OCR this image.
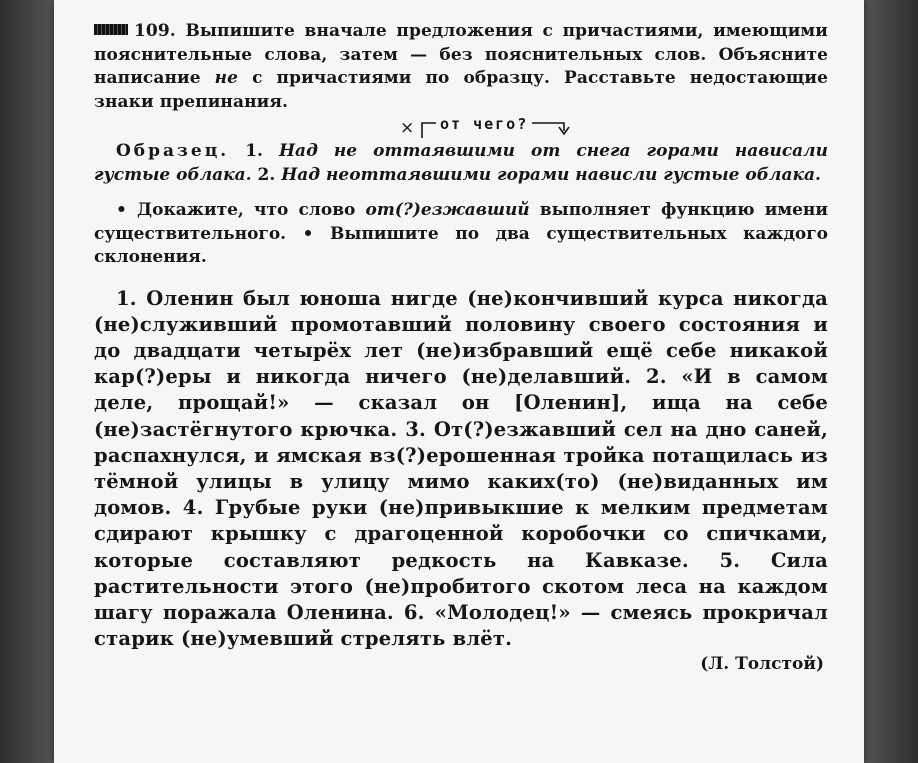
109. Выпишите вначале предложения с причастиями, имеющими пояснительные слова, затем — без пояснительных слов. Объясните написание не с причастиями по образцу. Расставьте недостающие знаки препинания.
× от чего?
Образец. 1. Над не оттаявшими от снега горами нависали густые облака. 2. Над неоттаявшими горами нависли густые облака.
• Докажите, что слово от(?)езжавший выполняет функцию имени существительного. • Выпишите по два существительных каждого склонения.
1. Оленин был юноша нигде (не)кончивший курса никогда (не)служивший промотавший половину своего состояния и до двадцати четырёх лет (не)избравший ещё себе никакой кар(?)еры и никогда ничего (не)делавший. 2. «И в самом деле, прощай!» — сказал он [Оленин], ища на себе (не)застёгнутого крючка. 3. От(?)езжавший сел на дно саней, распахнулся, и ямская вз(?)ерошенная тройка потащилась из тёмной улицы в улицу мимо каких(то) (не)виданных им домов. 4. Грубые руки (не)привыкшие к мелким предметам сдирают крышку с драгоценной коробочки со спичками, которые составляют редкость на Кавказе. 5. Сила растительности этого (не)пробитого скотом леса на каждом шагу поражала Оленина. 6. «Молодец!» — смеясь прокричал старик (не)умевший стрелять влёт.
(Л. Толстой)
